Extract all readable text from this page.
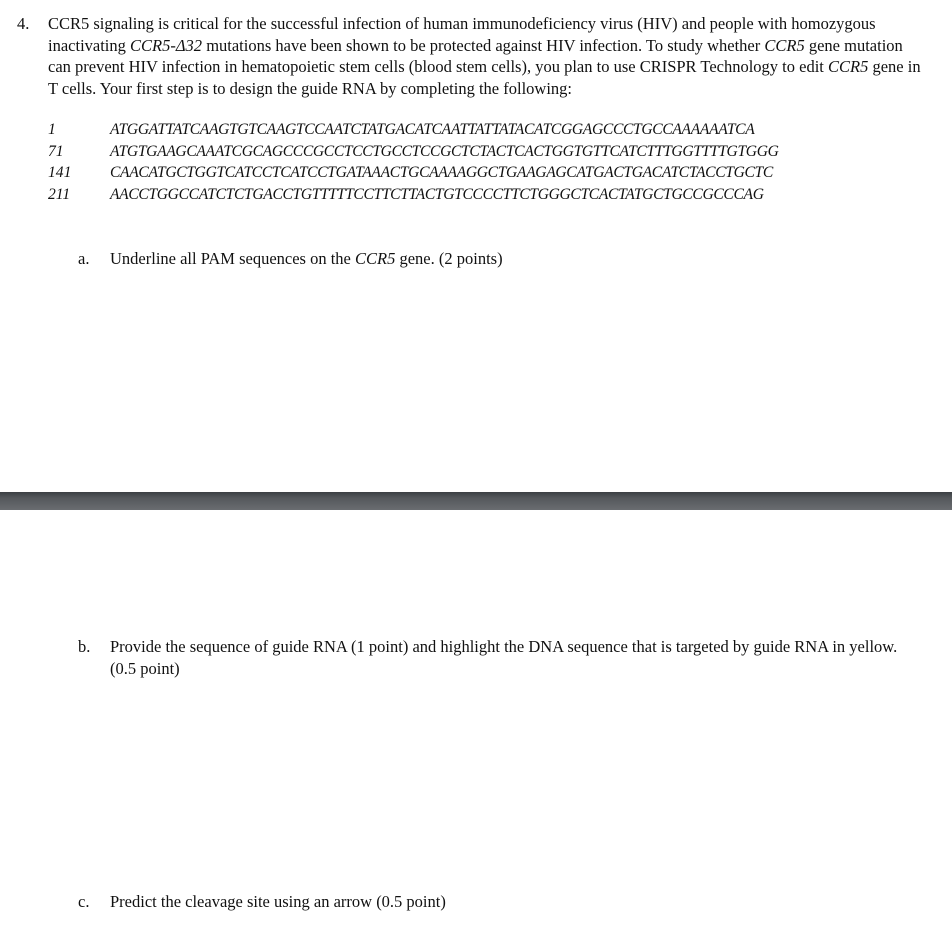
4. CCR5 signaling is critical for the successful infection of human immunodeficiency virus (HIV) and people with homozygous inactivating CCR5-Δ32 mutations have been shown to be protected against HIV infection. To study whether CCR5 gene mutation can prevent HIV infection in hematopoietic stem cells (blood stem cells), you plan to use CRISPR Technology to edit CCR5 gene in T cells. Your first step is to design the guide RNA by completing the following:

1	ATGGATTATCAAGTGTCAAGTCCAATCTATGACATCAATTATTATACATCGGAGCCCTGCCAAAAAATCA
71	ATGTGAAGCAAATCGCAGCCCGCCTCCTGCCTCCGCTCTACTCACTGGTGTTCATCTTTGGTTTTGTGGG
141	CAACATGCTGGTCATCCTCATCCTGATAAACTGCAAAAGGCTGAAGAGCATGACTGACATCTACCTGCTC
211	AACCTGGCCATCTCTGACCTGTTTTTCCTTCTTACTGTCCCCTTCTGGGCTCACTATGCTGCCGCCCAG
a. Underline all PAM sequences on the CCR5 gene. (2 points)
b. Provide the sequence of guide RNA (1 point) and highlight the DNA sequence that is targeted by guide RNA in yellow. (0.5 point)
c. Predict the cleavage site using an arrow (0.5 point)
